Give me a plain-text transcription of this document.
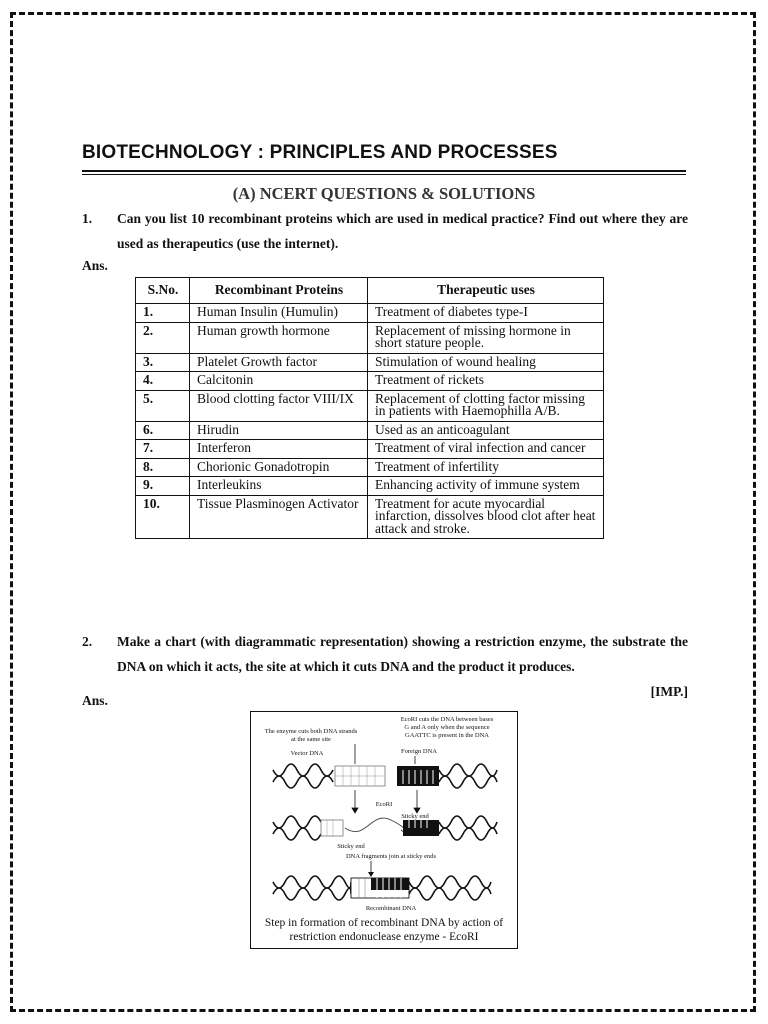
BIOTECHNOLOGY : PRINCIPLES AND PROCESSES
(A) NCERT QUESTIONS & SOLUTIONS
1. Can you list 10 recombinant proteins which are used in medical practice? Find out where they are used as therapeutics (use the internet).
Ans.
S.No.	Recombinant Proteins	Therapeutic uses
1.	Human Insulin (Humulin)	Treatment of diabetes type-I
2.	Human growth hormone	Replacement of missing hormone in short stature people.
3.	Platelet Growth factor	Stimulation of wound healing
4.	Calcitonin	Treatment of rickets
5.	Blood clotting factor VIII/IX	Replacement of clotting factor missing in patients with Haemophilla A/B.
6.	Hirudin	Used as an anticoagulant
7.	Interferon	Treatment of viral infection and cancer
8.	Chorionic Gonadotropin	Treatment of infertility
9.	Interleukins	Enhancing activity of immune system
10.	Tissue Plasminogen Activator	Treatment for acute myocardial infarction, dissolves blood clot after heat attack and stroke.
2. Make a chart (with diagrammatic representation) showing a restriction enzyme, the substrate the DNA on which it acts, the site at which it cuts DNA and the product it produces.
[IMP.]
Ans.
The enzyme cuts both DNA strands
at the same site
EcoRI cuts the DNA between bases
G and A only when the sequence
GAATTC is present in the DNA
Vector DNA	Foreign DNA
EcoRI
Sticky end
Sticky end
DNA fragments join at sticky ends
Recombinant DNA
Step in formation of recombinant DNA by action of
restriction endonuclease enzyme - EcoRI
